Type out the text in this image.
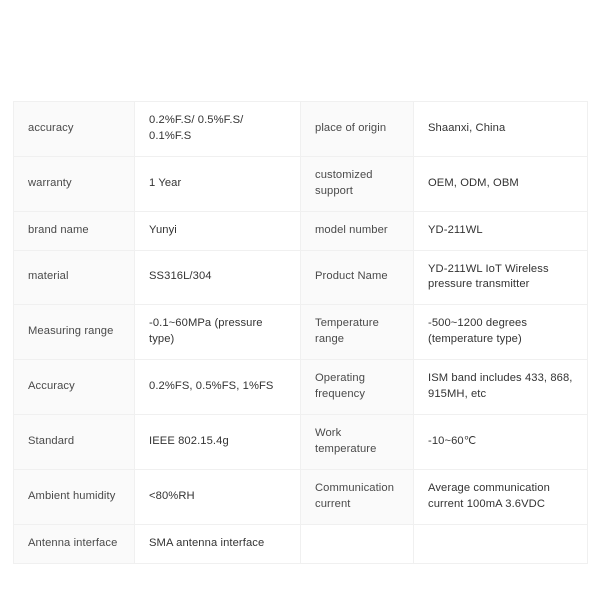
accuracy	0.2%F.S/ 0.5%F.S/ 0.1%F.S	place of origin	Shaanxi, China
warranty	1 Year	customized support	OEM, ODM, OBM
brand name	Yunyi	model number	YD-211WL
material	SS316L/304	Product Name	YD-211WL IoT Wireless pressure transmitter
Measuring range	-0.1~60MPa (pressure type)	Temperature range	-500~1200 degrees (temperature type)
Accuracy	0.2%FS, 0.5%FS, 1%FS	Operating frequency	ISM band includes 433, 868, 915MH, etc
Standard	IEEE 802.15.4g	Work temperature	-10~60℃
Ambient humidity	<80%RH	Communication current	Average communication current 100mA 3.6VDC
Antenna interface	SMA antenna interface		
